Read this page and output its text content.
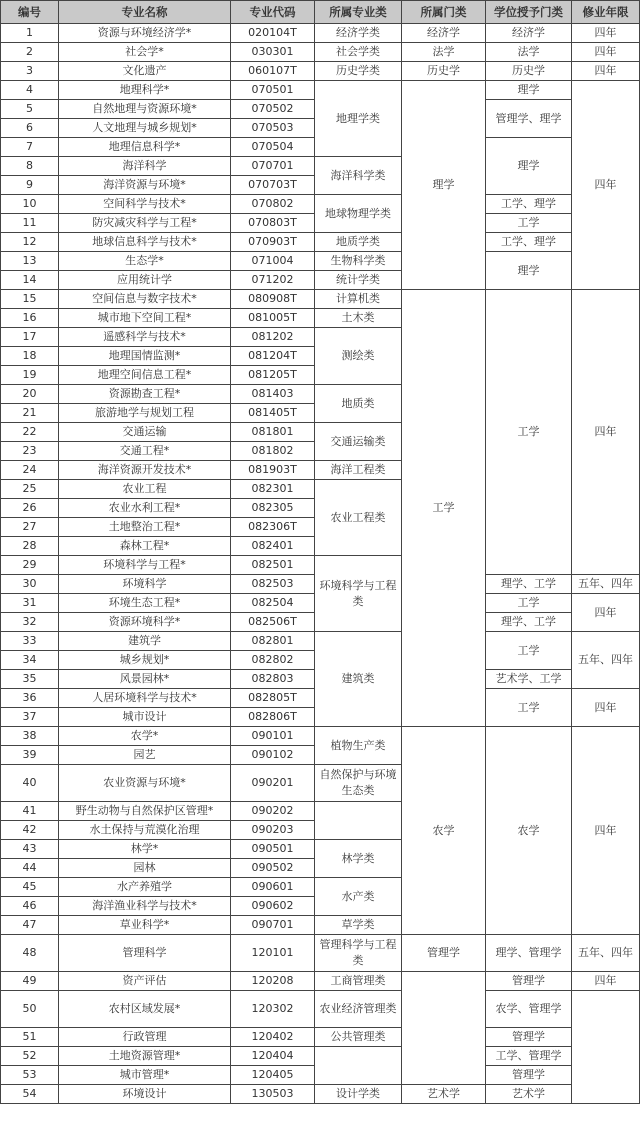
编号	专业名称	专业代码	所属专业类	所属门类	学位授予门类	修业年限	
1	资源与环境经济学*	020104T	经济学类	经济学	经济学	四年	
2	社会学*	030301	社会学类	法学	法学	四年	
3	文化遗产	060107T	历史学类	历史学	历史学	四年	
4	地理科学*	070501	地理学类	理学	理学	四年	
5	自然地理与资源环境*	070502			管理学、理学		
6	人文地理与城乡规划*	070503					
7	地理信息科学*	070504			理学		
8	海洋科学	070701	海洋科学类				
9	海洋资源与环境*	070703T					
10	空间科学与技术*	070802	地球物理学类		工学、理学		
11	防灾减灾科学与工程*	070803T			工学		
12	地球信息科学与技术*	070903T	地质学类		工学、理学		
13	生态学*	071004	生物科学类		理学		
14	应用统计学	071202	统计学类				
15	空间信息与数字技术*	080908T	计算机类	工学	工学	四年	
16	城市地下空间工程*	081005T	土木类				
17	遥感科学与技术*	081202	测绘类				
18	地理国情监测*	081204T					
19	地理空间信息工程*	081205T					
20	资源勘查工程*	081403	地质类				
21	旅游地学与规划工程	081405T					
22	交通运输	081801	交通运输类				
23	交通工程*	081802					
24	海洋资源开发技术*	081903T	海洋工程类				
25	农业工程	082301	农业工程类				
26	农业水利工程*	082305					
27	土地整治工程*	082306T					
28	森林工程*	082401					
29	环境科学与工程*	082501	环境科学与工程类				
30	环境科学	082503			理学、工学	五年、四年	
31	环境生态工程*	082504			工学	四年	
32	资源环境科学*	082506T			理学、工学		
33	建筑学	082801	建筑类		工学	五年、四年	
34	城乡规划*	082802					
35	风景园林*	082803			艺术学、工学		
36	人居环境科学与技术*	082805T			工学	四年	
37	城市设计	082806T					
38	农学*	090101	植物生产类	农学	农学	四年	
39	园艺	090102					
40	农业资源与环境*	090201	自然保护与环境生态类				
41	野生动物与自然保护区管理*	090202					
42	水土保持与荒漠化治理	090203					
43	林学*	090501	林学类				
44	园林	090502					
45	水产养殖学	090601	水产类				
46	海洋渔业科学与技术*	090602					
47	草业科学*	090701	草学类				
48	管理科学	120101	管理科学与工程类	管理学	理学、管理学	五年、四年	
49	资产评估	120208	工商管理类		管理学	四年	
50	农村区域发展*	120302	农业经济管理类		农学、管理学		
51	行政管理	120402	公共管理类		管理学		
52	土地资源管理*	120404			工学、管理学		
53	城市管理*	120405			管理学		
54	环境设计	130503	设计学类	艺术学	艺术学		
